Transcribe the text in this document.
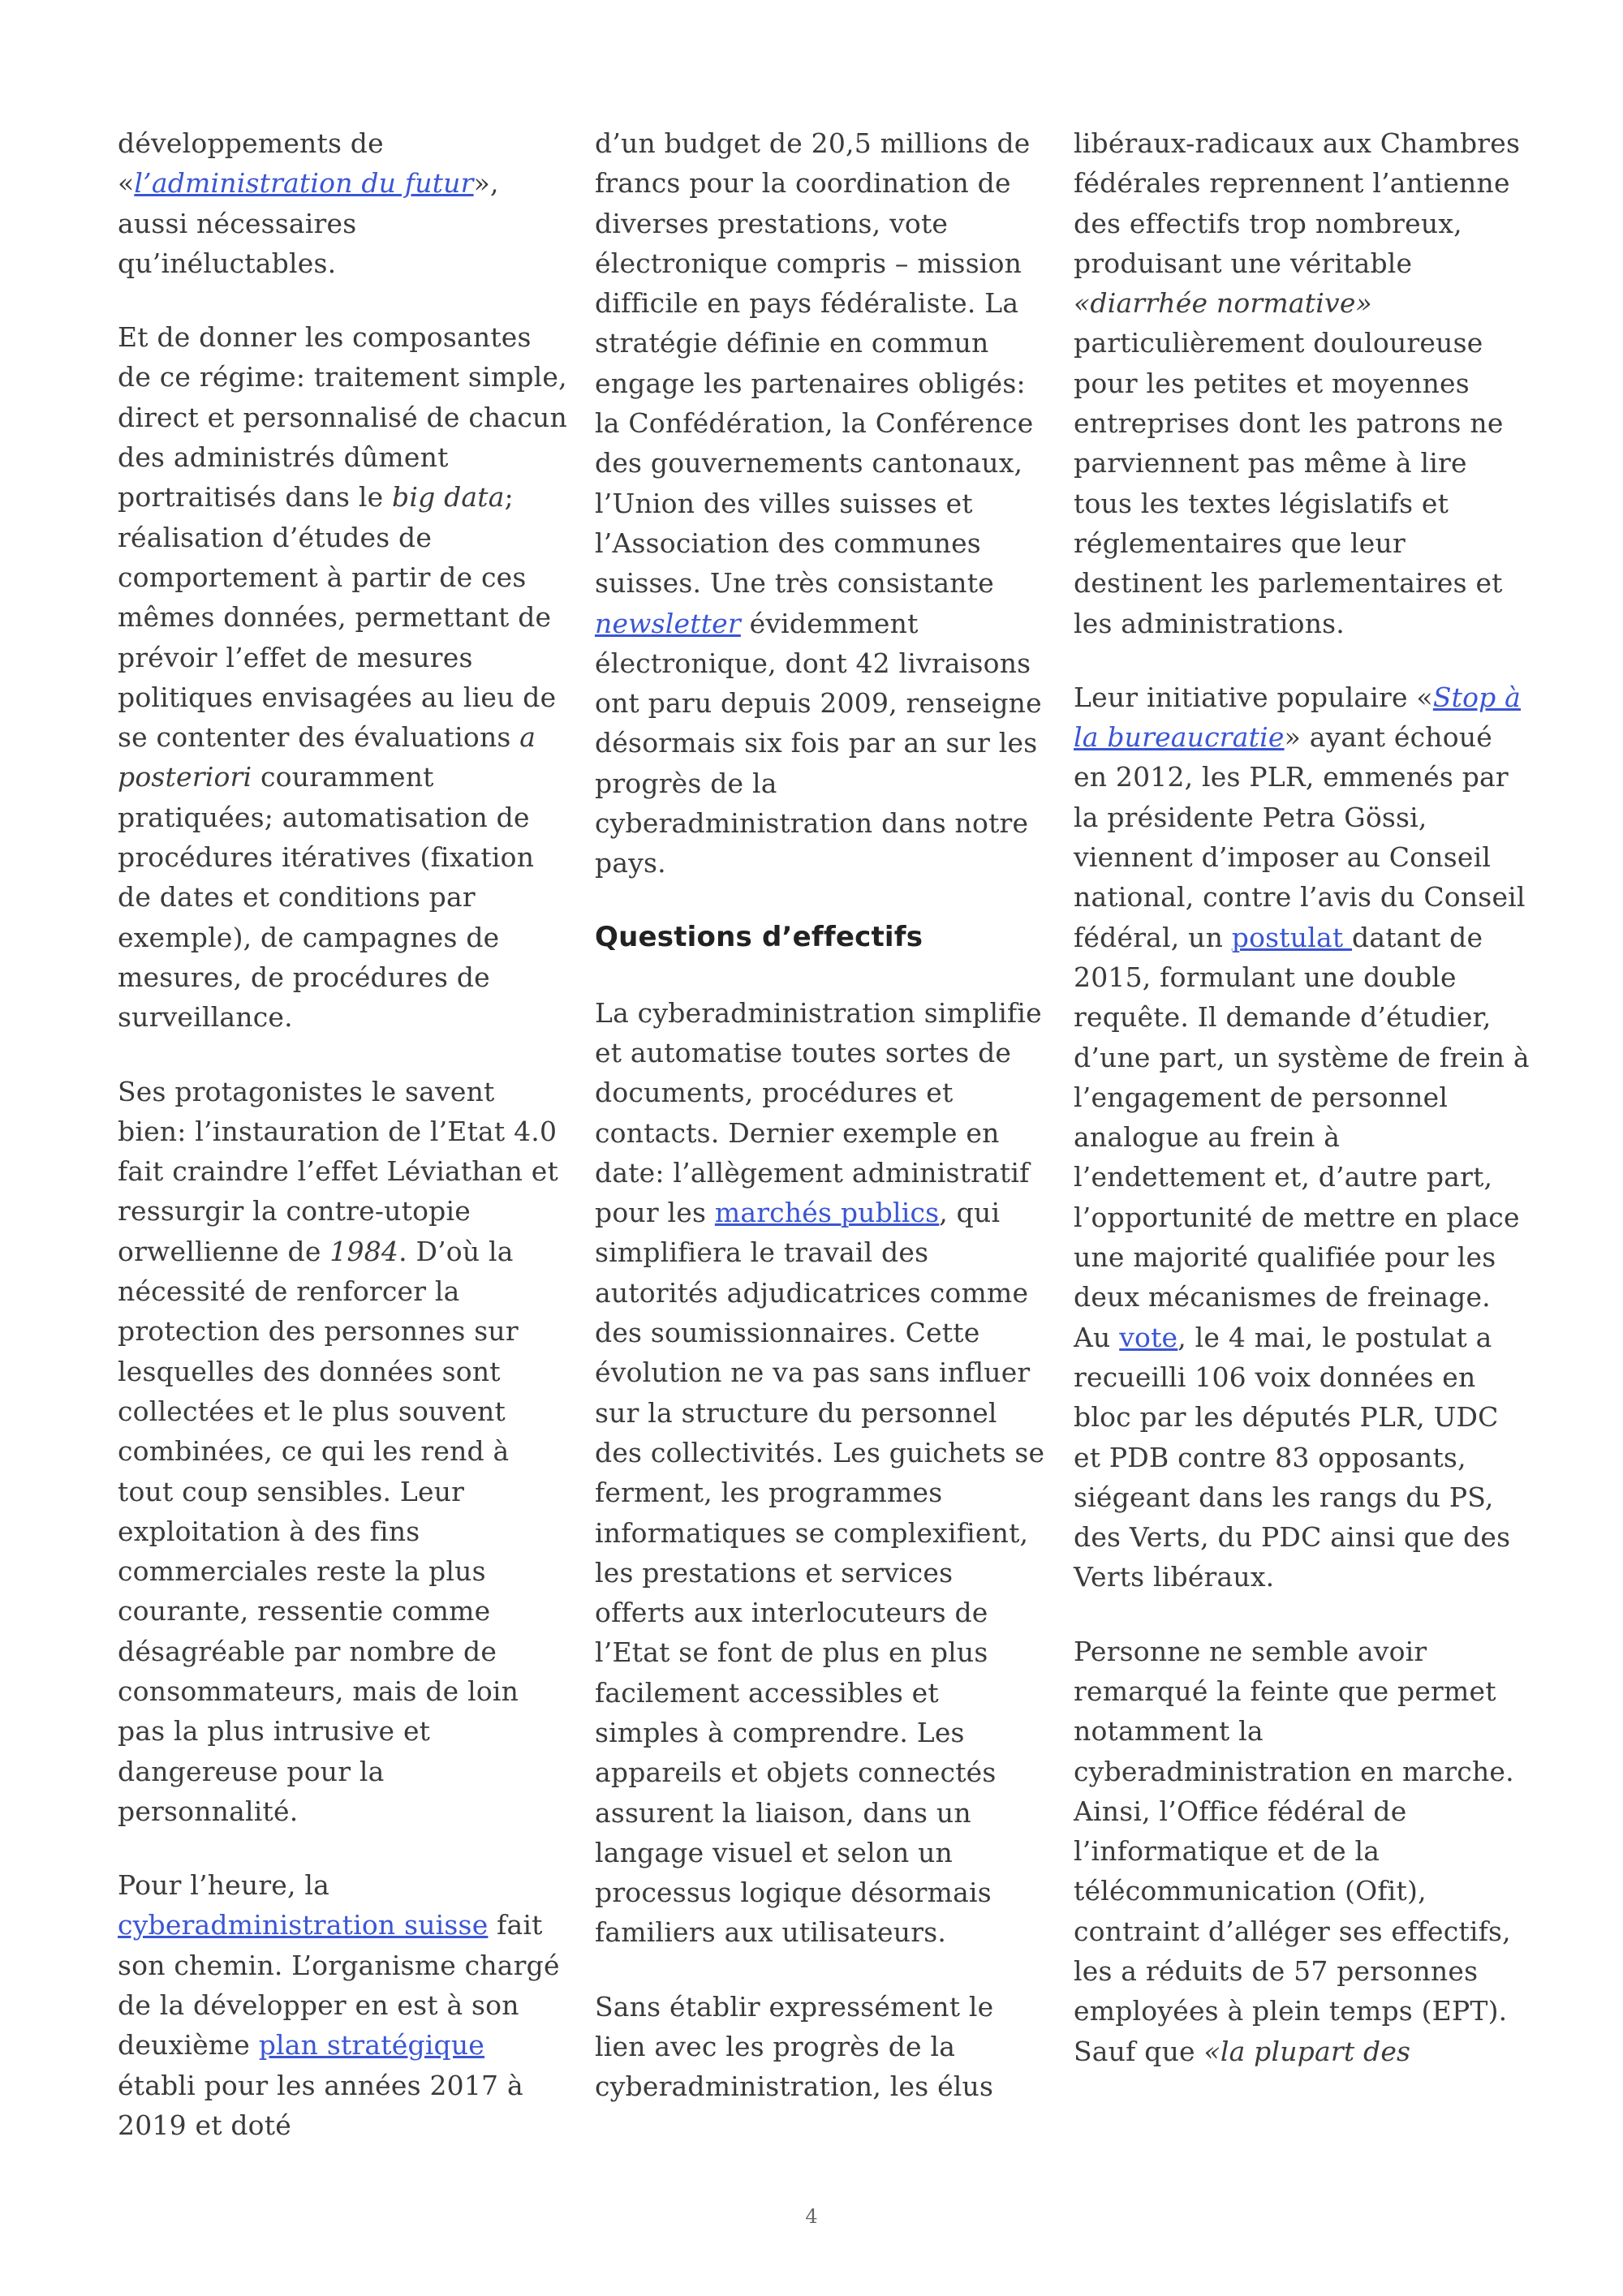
développements de «l’administration du futur», aussi nécessaires qu’inéluctables.

Et de donner les composantes de ce régime: traitement simple, direct et personnalisé de chacun des administrés dûment portraitisés dans le big data; réalisation d’études de comportement à partir de ces mêmes données, permettant de prévoir l’effet de mesures politiques envisagées au lieu de se contenter des évaluations a posteriori couramment pratiquées; automatisation de procédures itératives (fixation de dates et conditions par exemple), de campagnes de mesures, de procédures de surveillance.

Ses protagonistes le savent bien: l’instauration de l’Etat 4.0 fait craindre l’effet Léviathan et ressurgir la contre-utopie orwellienne de 1984. D’où la nécessité de renforcer la protection des personnes sur lesquelles des données sont collectées et le plus souvent combinées, ce qui les rend à tout coup sensibles. Leur exploitation à des fins commerciales reste la plus courante, ressentie comme désagréable par nombre de consommateurs, mais de loin pas la plus intrusive et dangereuse pour la personnalité.

Pour l’heure, la cyberadministration suisse fait son chemin. L’organisme chargé de la développer en est à son deuxième plan stratégique établi pour les années 2017 à 2019 et doté

d’un budget de 20,5 millions de francs pour la coordination de diverses prestations, vote électronique compris – mission difficile en pays fédéraliste. La stratégie définie en commun engage les partenaires obligés: la Confédération, la Conférence des gouvernements cantonaux, l’Union des villes suisses et l’Association des communes suisses. Une très consistante newsletter évidemment électronique, dont 42 livraisons ont paru depuis 2009, renseigne désormais six fois par an sur les progrès de la cyberadministration dans notre pays.

Questions d’effectifs

La cyberadministration simplifie et automatise toutes sortes de documents, procédures et contacts. Dernier exemple en date: l’allègement administratif pour les marchés publics, qui simplifiera le travail des autorités adjudicatrices comme des soumissionnaires. Cette évolution ne va pas sans influer sur la structure du personnel des collectivités. Les guichets se ferment, les programmes informatiques se complexifient, les prestations et services offerts aux interlocuteurs de l’Etat se font de plus en plus facilement accessibles et simples à comprendre. Les appareils et objets connectés assurent la liaison, dans un langage visuel et selon un processus logique désormais familiers aux utilisateurs.

Sans établir expressément le lien avec les progrès de la cyberadministration, les élus

libéraux-radicaux aux Chambres fédérales reprennent l’antienne des effectifs trop nombreux, produisant une véritable «diarrhée normative» particulièrement douloureuse pour les petites et moyennes entreprises dont les patrons ne parviennent pas même à lire tous les textes législatifs et réglementaires que leur destinent les parlementaires et les administrations.

Leur initiative populaire «Stop à la bureaucratie» ayant échoué en 2012, les PLR, emmenés par la présidente Petra Gössi, viennent d’imposer au Conseil national, contre l’avis du Conseil fédéral, un postulat datant de 2015, formulant une double requête. Il demande d’étudier, d’une part, un système de frein à l’engagement de personnel analogue au frein à l’endettement et, d’autre part, l’opportunité de mettre en place une majorité qualifiée pour les deux mécanismes de freinage. Au vote, le 4 mai, le postulat a recueilli 106 voix données en bloc par les députés PLR, UDC et PDB contre 83 opposants, siégeant dans les rangs du PS, des Verts, du PDC ainsi que des Verts libéraux.

Personne ne semble avoir remarqué la feinte que permet notamment la cyberadministration en marche. Ainsi, l’Office fédéral de l’informatique et de la télécommunication (Ofit), contraint d’alléger ses effectifs, les a réduits de 57 personnes employées à plein temps (EPT). Sauf que «la plupart des

4
